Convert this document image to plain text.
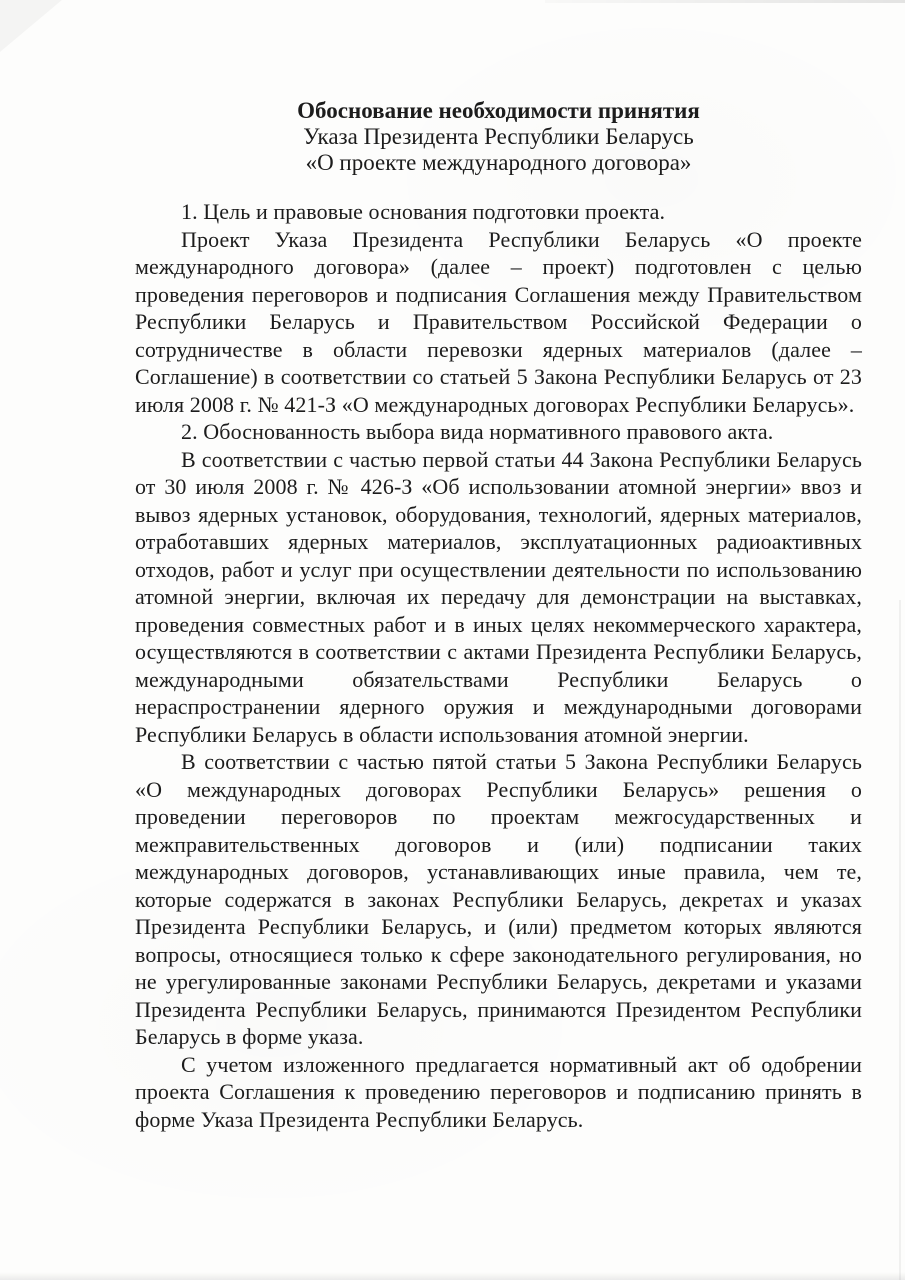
Обоснование необходимости принятия
Указа Президента Республики Беларусь
«О проекте международного договора»

1. Цель и правовые основания подготовки проекта.

Проект Указа Президента Республики Беларусь «О проекте международного договора» (далее – проект) подготовлен с целью проведения переговоров и подписания Соглашения между Правительством Республики Беларусь и Правительством Российской Федерации о сотрудничестве в области перевозки ядерных материалов (далее – Соглашение) в соответствии со статьей 5 Закона Республики Беларусь от 23 июля 2008 г. № 421-З «О международных договорах Республики Беларусь».

2. Обоснованность выбора вида нормативного правового акта.

В соответствии с частью первой статьи 44 Закона Республики Беларусь от 30 июля 2008 г. № 426-З «Об использовании атомной энергии» ввоз и вывоз ядерных установок, оборудования, технологий, ядерных материалов, отработавших ядерных материалов, эксплуатационных радиоактивных отходов, работ и услуг при осуществлении деятельности по использованию атомной энергии, включая их передачу для демонстрации на выставках, проведения совместных работ и в иных целях некоммерческого характера, осуществляются в соответствии с актами Президента Республики Беларусь, международными обязательствами Республики Беларусь о нераспространении ядерного оружия и международными договорами Республики Беларусь в области использования атомной энергии.

В соответствии с частью пятой статьи 5 Закона Республики Беларусь «О международных договорах Республики Беларусь» решения о проведении переговоров по проектам межгосударственных и межправительственных договоров и (или) подписании таких международных договоров, устанавливающих иные правила, чем те, которые содержатся в законах Республики Беларусь, декретах и указах Президента Республики Беларусь, и (или) предметом которых являются вопросы, относящиеся только к сфере законодательного регулирования, но не урегулированные законами Республики Беларусь, декретами и указами Президента Республики Беларусь, принимаются Президентом Республики Беларусь в форме указа.

С учетом изложенного предлагается нормативный акт об одобрении проекта Соглашения к проведению переговоров и подписанию принять в форме Указа Президента Республики Беларусь.
